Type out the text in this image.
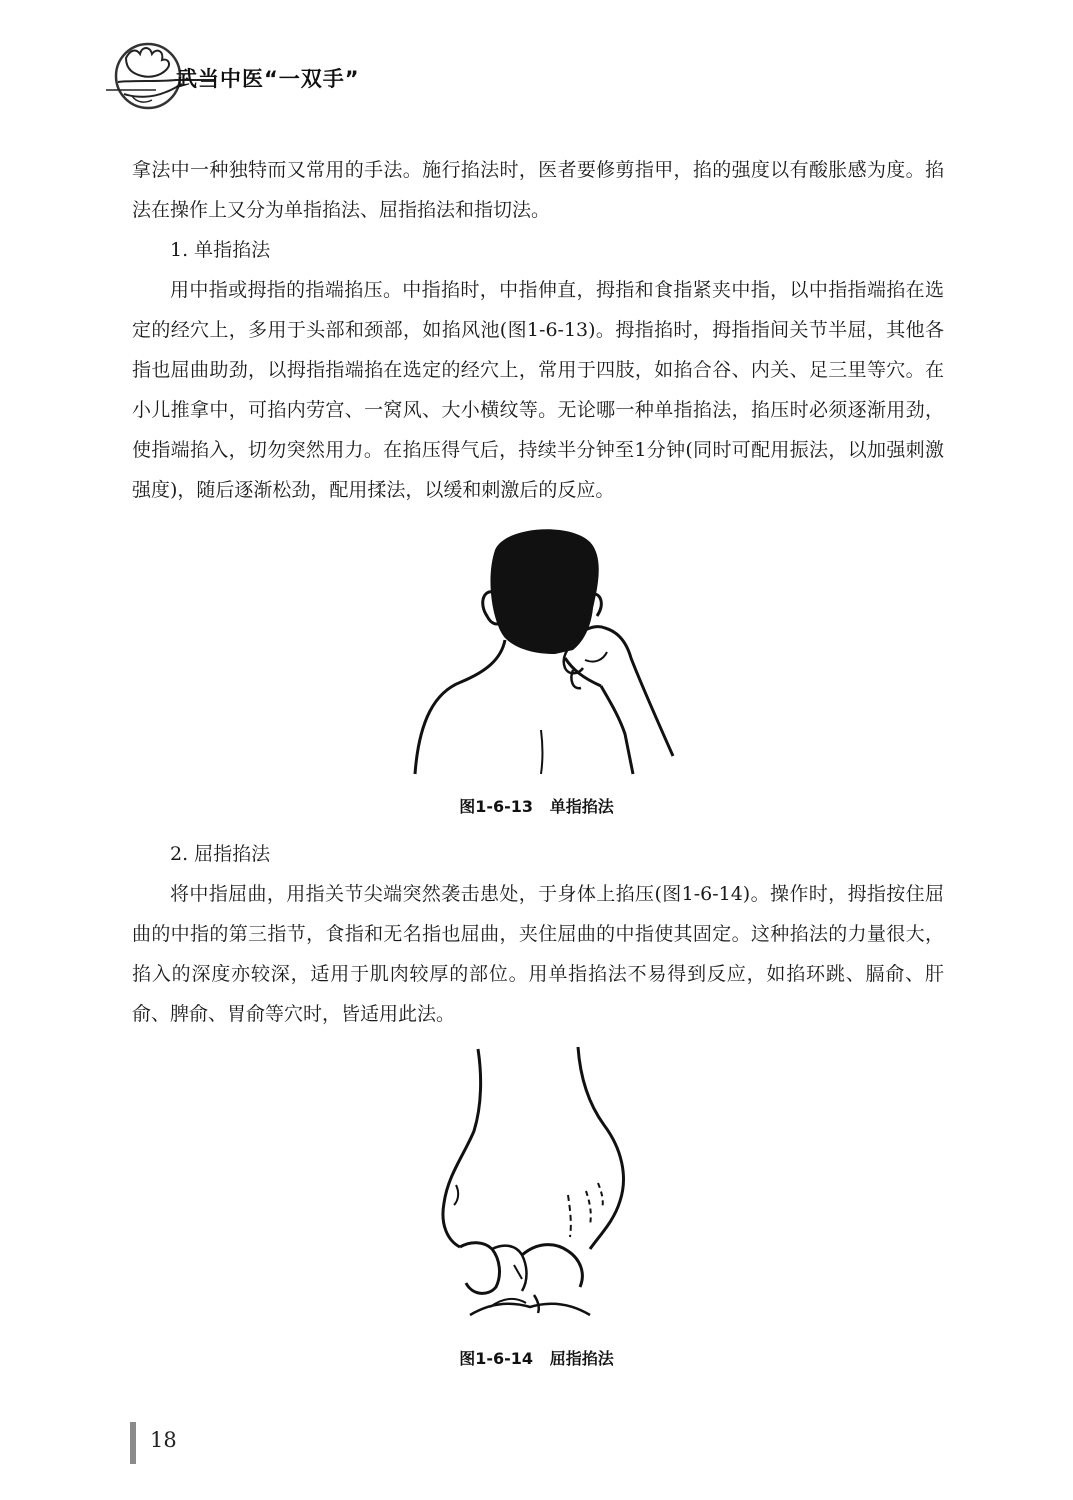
武当中医“一双手”

拿法中一种独特而又常用的手法。施行掐法时，医者要修剪指甲，掐的强度以有酸胀感为度。掐法在操作上又分为单指掐法、屈指掐法和指切法。

1. 单指掐法

用中指或拇指的指端掐压。中指掐时，中指伸直，拇指和食指紧夹中指，以中指指端掐在选定的经穴上，多用于头部和颈部，如掐风池(图1-6-13)。拇指掐时，拇指指间关节半屈，其他各指也屈曲助劲，以拇指指端掐在选定的经穴上，常用于四肢，如掐合谷、内关、足三里等穴。在小儿推拿中，可掐内劳宫、一窝风、大小横纹等。无论哪一种单指掐法，掐压时必须逐渐用劲，使指端掐入，切勿突然用力。在掐压得气后，持续半分钟至1分钟(同时可配用振法，以加强刺激强度)，随后逐渐松劲，配用揉法，以缓和刺激后的反应。

图1-6-13   单指掐法

2. 屈指掐法

将中指屈曲，用指关节尖端突然袭击患处，于身体上掐压(图1-6-14)。操作时，拇指按住屈曲的中指的第三指节，食指和无名指也屈曲，夹住屈曲的中指使其固定。这种掐法的力量很大，掐入的深度亦较深，适用于肌肉较厚的部位。用单指掐法不易得到反应，如掐环跳、膈俞、肝俞、脾俞、胃俞等穴时，皆适用此法。

图1-6-14   屈指掐法
18
